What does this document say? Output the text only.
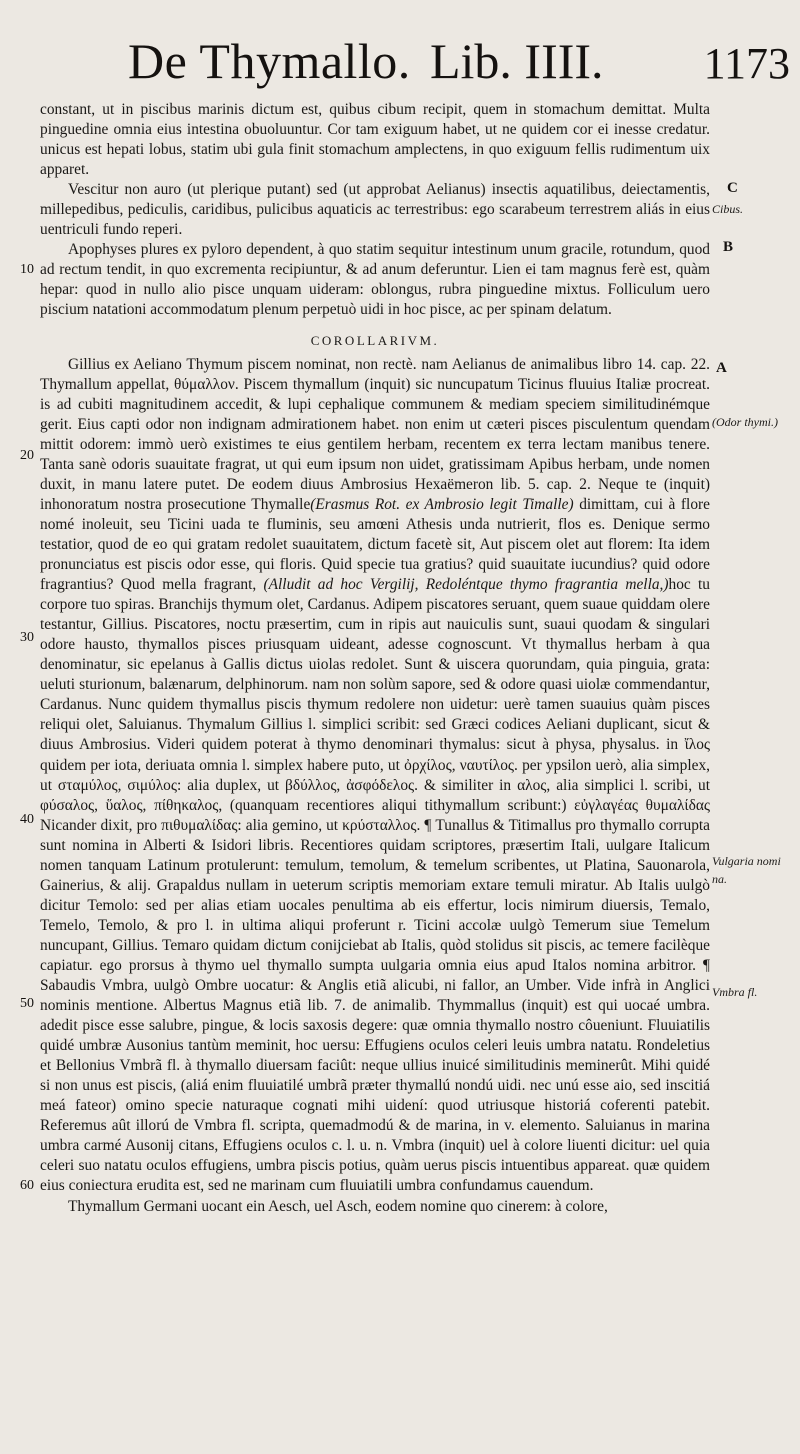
De Thymallo. Lib. IIII. 1173
C
B
A
10
20
30
40
50
60
Cibus.
(Odor thymi.)
Vulgaria nomi
na.
Vmbra fl.

constant, ut in piscibus marinis dictum est, quibus cibum recipit, quem in stomachum demittat. Multa pinguedine omnia eius intestina obuoluuntur. Cor tam exiguum habet, ut ne quidem cor ei inesse credatur. unicus est hepati lobus, statim ubi gula finit stomachum amplectens, in quo exiguum fellis rudimentum uix apparet.

Vescitur non auro (ut plerique putant) sed (ut approbat Aelianus) insectis aquatilibus, deiectamentis, millepedibus, pediculis, caridibus, pulicibus aquaticis ac terrestribus: ego scarabeum terrestrem aliás in eius uentriculi fundo reperi.

Apophyses plures ex pyloro dependent, à quo statim sequitur intestinum unum gracile, rotundum, quod ad rectum tendit, in quo excrementa recipiuntur, & ad anum deferuntur. Lien ei tam magnus ferè est, quàm hepar: quod in nullo alio pisce unquam uideram: oblongus, rubra pinguedine mixtus. Folliculum uero piscium natationi accommodatum plenum perpetuò uidi in hoc pisce, ac per spinam delatum.

COROLLARIVM.

Gillius ex Aeliano Thymum piscem nominat, non rectè. nam Aelianus de animalibus libro 14. cap. 22. Thymallum appellat, θύμαλλον. Piscem thymallum (inquit) sic nuncupatum Ticinus fluuius Italiæ procreat. is ad cubiti magnitudinem accedit, & lupi cephalique communem & mediam speciem similitudinémque gerit. Eius capti odor non indignam admirationem habet. non enim ut cæteri pisces pisculentum quendam mittit odorem: immò uerò existimes te eius gentilem herbam, recentem ex terra lectam manibus tenere. Tanta sanè odoris suauitate fragrat, ut qui eum ipsum non uidet, gratissimam Apibus herbam, unde nomen duxit, in manu latere putet. De eodem diuus Ambrosius Hexaëmeron lib. 5. cap. 2. Neque te (inquit) inhonoratum nostra prosecutione Thymalle(Erasmus Rot. ex Ambrosio legit Timalle) dimittam, cui à flore nomé inoleuit, seu Ticini uada te fluminis, seu amœni Athesis unda nutrierit, flos es. Denique sermo testatior, quod de eo qui gratam redolet suauitatem, dictum facetè sit, Aut piscem olet aut florem: Ita idem pronunciatus est piscis odor esse, qui floris. Quid specie tua gratius? quid suauitate iucundius? quid odore fragrantius? Quod mella fragrant, (Alludit ad hoc Vergilij, Redoléntque thymo fragrantia mella,)hoc tu corpore tuo spiras. Branchijs thymum olet, Cardanus. Adipem piscatores seruant, quem suaue quiddam olere testantur, Gillius. Piscatores, noctu præsertim, cum in ripis aut nauiculis sunt, suaui quodam & singulari odore hausto, thymallos pisces priusquam uideant, adesse cognoscunt. Vt thymallus herbam à qua denominatur, sic epelanus à Gallis dictus uiolas redolet. Sunt & uiscera quorundam, quia pinguia, grata: ueluti sturionum, balænarum, delphinorum. nam non solùm sapore, sed & odore quasi uiolæ commendantur, Cardanus. Nunc quidem thymallus piscis thymum redolere non uidetur: uerè tamen suauius quàm pisces reliqui olet, Saluianus. Thymalum Gillius l. simplici scribit: sed Græci codices Aeliani duplicant, sicut & diuus Ambrosius. Videri quidem poterat à thymo denominari thymalus: sicut à physa, physalus. in ἴλος quidem per iota, deriuata omnia l. simplex habere puto, ut ὀρχίλος, ναυτίλος. per ypsilon uerò, alia simplex, ut σταμύλος, σιμύλος: alia duplex, ut βδύλλος, ἀσφόδελος. & similiter in αλος, alia simplici l. scribi, ut φύσαλος, ὕαλος, πίθηκαλος, (quanquam recentiores aliqui tithymallum scribunt:) εὐγλαγέας θυμαλίδας Nicander dixit, pro πιθυμαλίδας: alia gemino, ut κρύσταλλος. ¶ Tunallus & Titimallus pro thymallo corrupta sunt nomina in Alberti & Isidori libris. Recentiores quidam scriptores, præsertim Itali, uulgare Italicum nomen tanquam Latinum protulerunt: temulum, temolum, & temelum scribentes, ut Platina, Sauonarola, Gainerius, & alij. Grapaldus nullam in ueterum scriptis memoriam extare temuli miratur. Ab Italis uulgò dicitur Temolo: sed per alias etiam uocales penultima ab eis effertur, locis nimirum diuersis, Temalo, Temelo, Temolo, & pro l. in ultima aliqui proferunt r. Ticini accolæ uulgò Temerum siue Temelum nuncupant, Gillius. Temaro quidam dictum conijciebat ab Italis, quòd stolidus sit piscis, ac temere facilèque capiatur. ego prorsus à thymo uel thymallo sumpta uulgaria omnia eius apud Italos nomina arbitror. ¶ Sabaudis Vmbra, uulgò Ombre uocatur: & Anglis etiã alicubi, ni fallor, an Umber. Vide infrà in Anglici nominis mentione. Albertus Magnus etiã lib. 7. de animalib. Thymmallus (inquit) est qui uocaé umbra. adedit pisce esse salubre, pingue, & locis saxosis degere: quæ omnia thymallo nostro côueniunt. Fluuiatilis quidé umbræ Ausonius tantùm meminit, hoc uersu: Effugiens oculos celeri leuis umbra natatu. Rondeletius et Bellonius Vmbrã fl. à thymallo diuersam faciût: neque ullius inuicé similitudinis meminerût. Mihi quidé si non unus est piscis, (aliá enim fluuiatilé umbrã præter thymallú nondú uidi. nec unú esse aio, sed inscitiá meá fateor) omino specie naturaque cognati mihi uidení: quod utriusque historiá coferenti patebit. Referemus aût illorú de Vmbra fl. scripta, quemadmodú & de marina, in v. elemento. Saluianus in marina umbra carmé Ausonij citans, Effugiens oculos c. l. u. n. Vmbra (inquit) uel à colore liuenti dicitur: uel quia celeri suo natatu oculos effugiens, umbra piscis potius, quàm uerus piscis intuentibus appareat. quæ quidem eius coniectura erudita est, sed ne marinam cum fluuiatili umbra confundamus cauendum.

Thymallum Germani uocant ein Aesch, uel Asch, eodem nomine quo cinerem: à colore,
